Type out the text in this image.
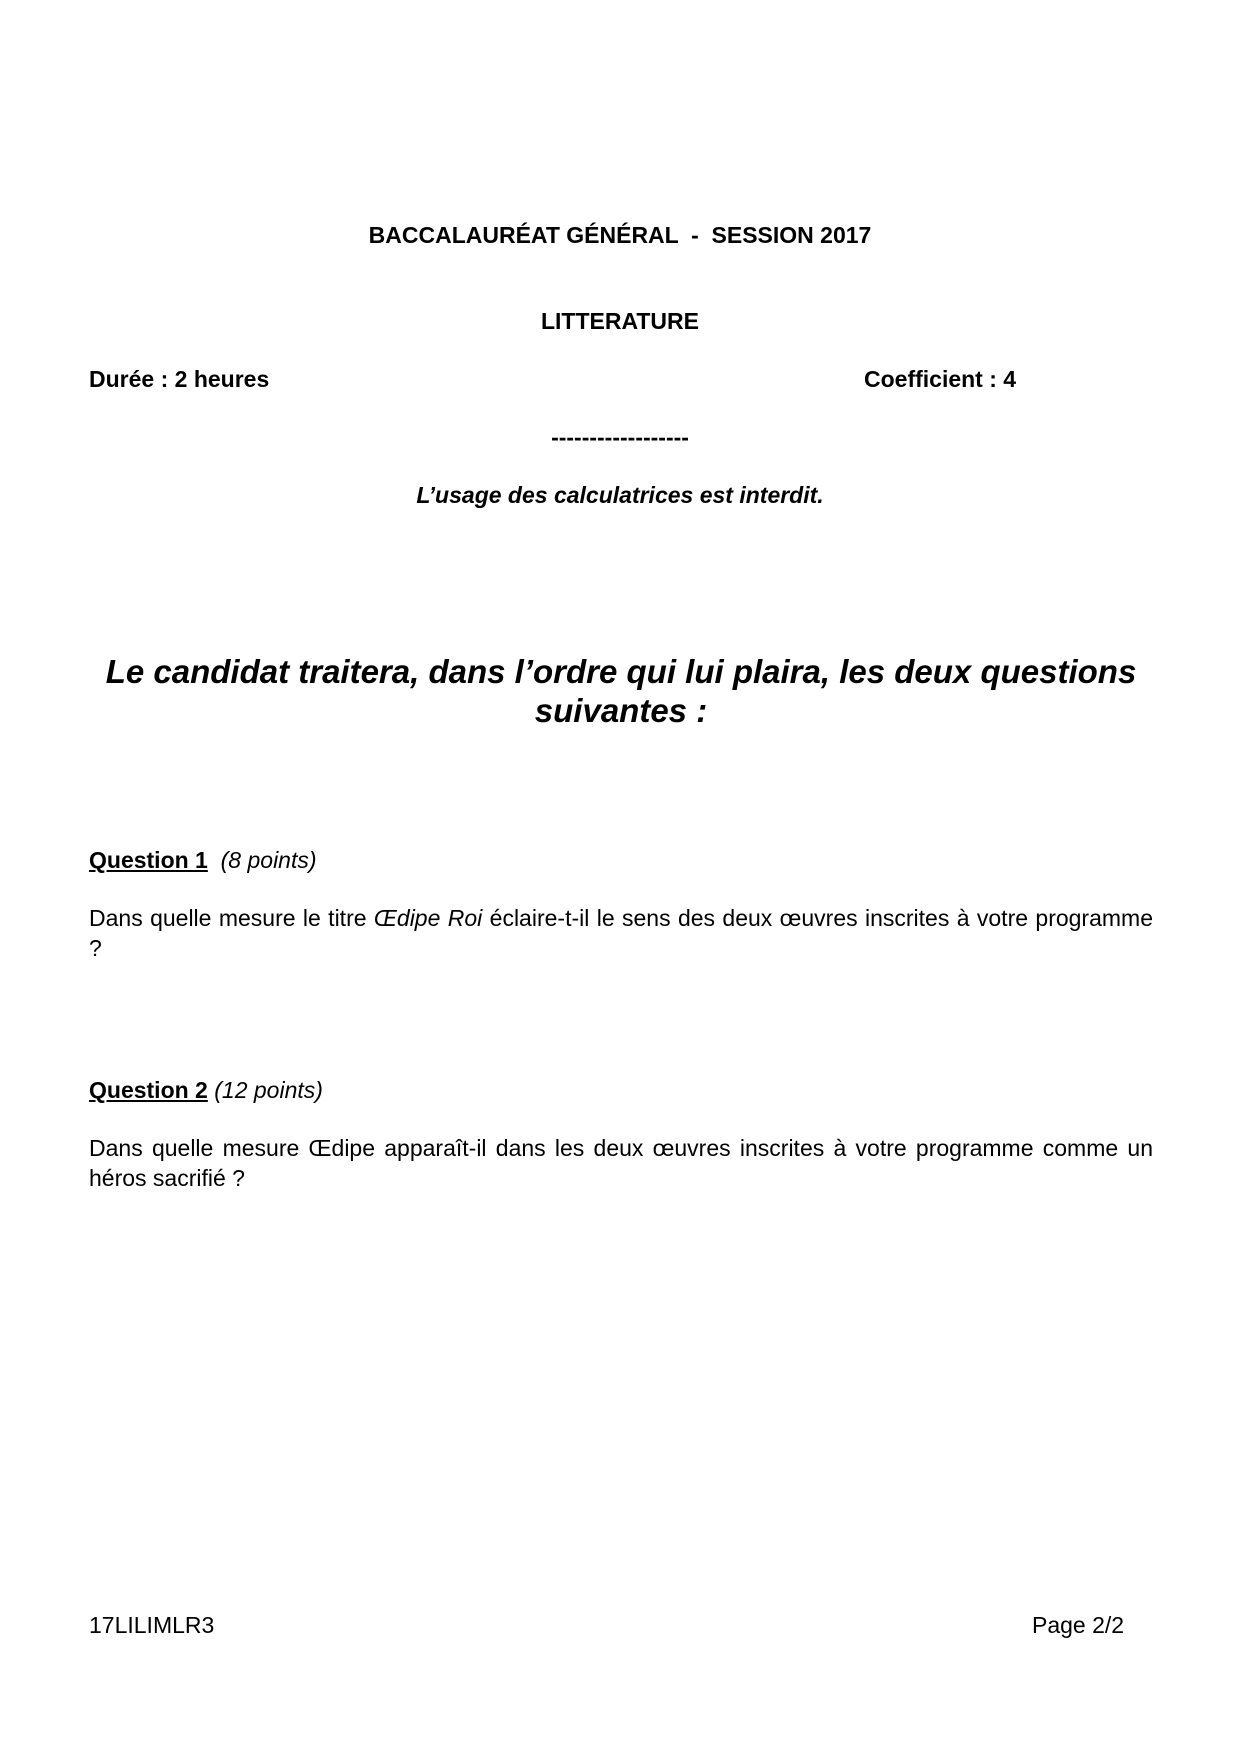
BACCALAURÉAT GÉNÉRAL  -  SESSION 2017
LITTERATURE
Durée : 2 heures	Coefficient : 4
------------------
L’usage des calculatrices est interdit.
Le candidat traitera, dans l’ordre qui lui plaira, les deux questions suivantes :
Question 1 (8 points)
Dans quelle mesure le titre Œdipe Roi éclaire-t-il le sens des deux œuvres inscrites à votre programme ?
Question 2 (12 points)
Dans quelle mesure Œdipe apparaît-il dans les deux œuvres inscrites à votre programme comme un héros sacrifié ?
17LILIMLR3	Page 2/2
